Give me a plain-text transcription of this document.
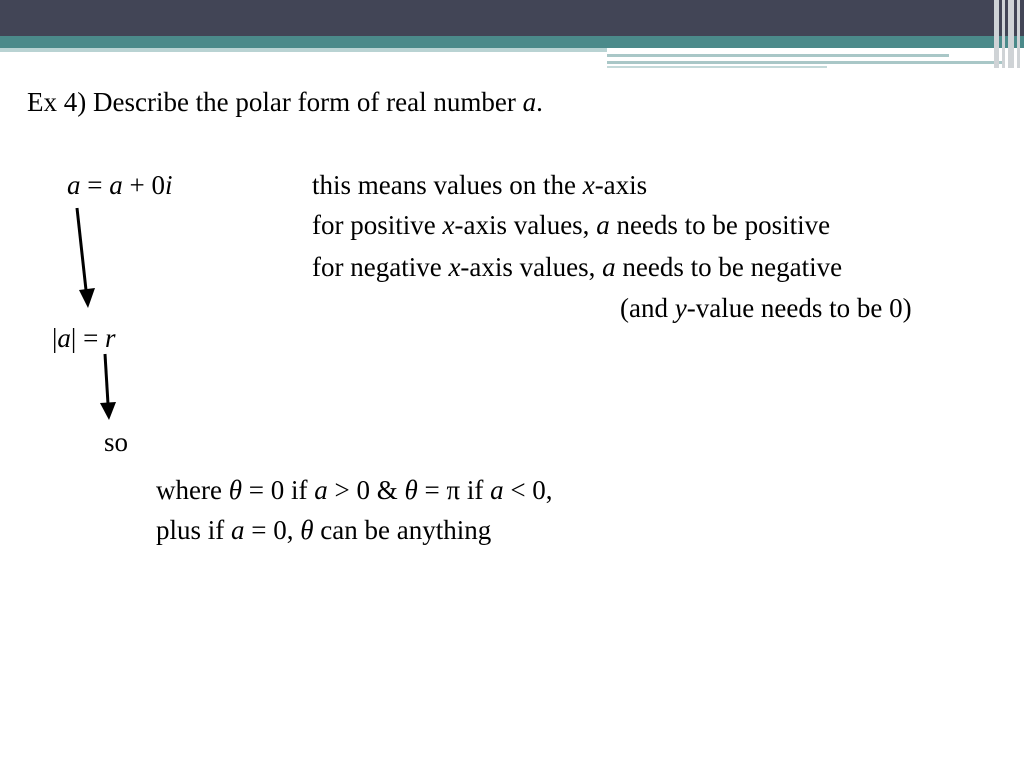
Ex 4) Describe the polar form of real number a.
a = a + 0i	this means values on the x-axis
for positive x-axis values, a needs to be positive
for negative x-axis values, a needs to be negative
(and y-value needs to be 0)
|a| = r
so
where θ = 0 if a > 0 & θ = π if a < 0,
plus if a = 0, θ can be anything
